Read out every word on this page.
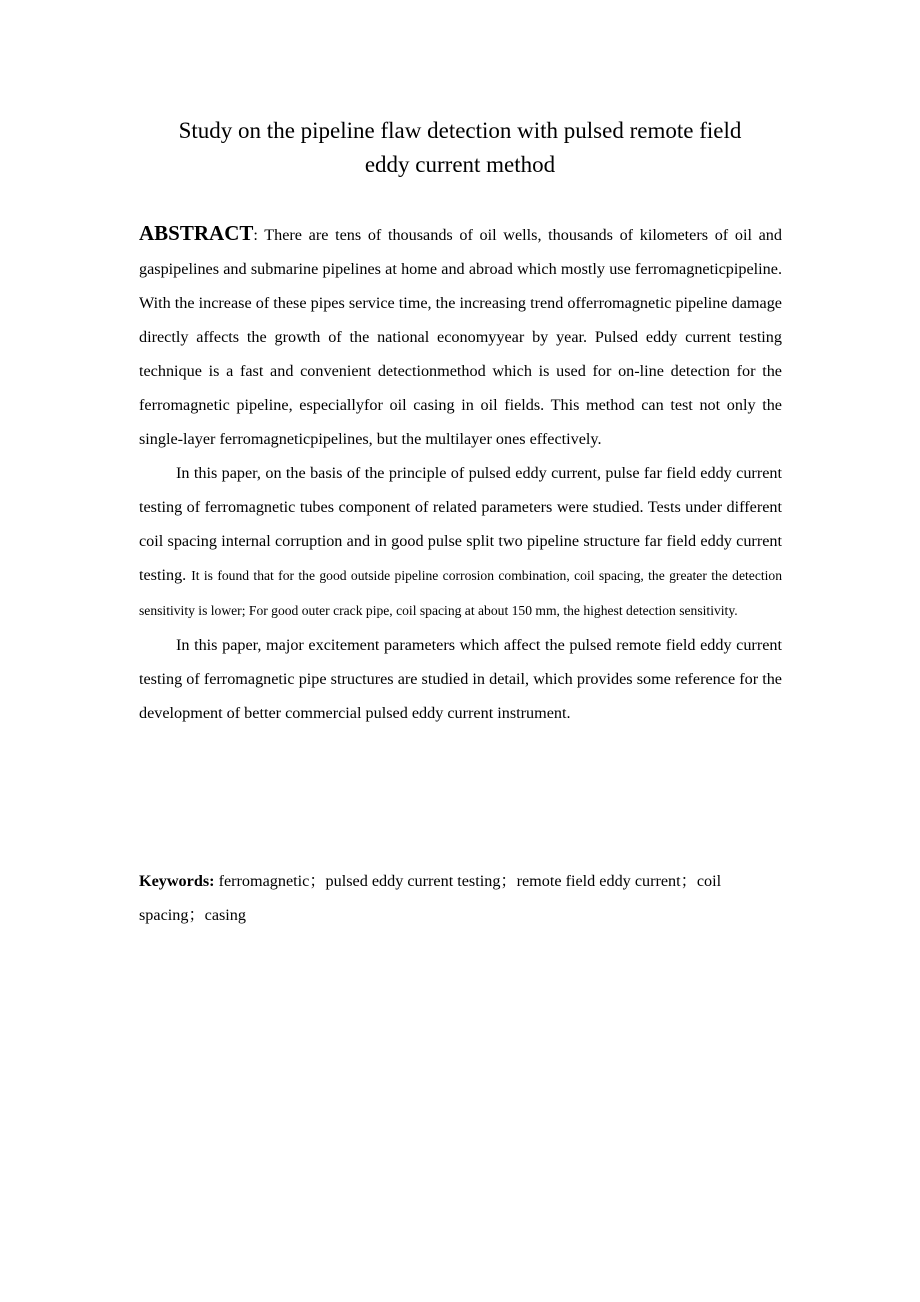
Study on the pipeline flaw detection with pulsed remote field
eddy current method

ABSTRACT: There are tens of thousands of oil wells, thousands of kilometers of oil and gaspipelines and submarine pipelines at home and abroad which mostly use ferromagneticpipeline. With the increase of these pipes service time, the increasing trend offerromagnetic pipeline damage directly affects the growth of the national economyyear by year. Pulsed eddy current testing technique is a fast and convenient detectionmethod which is used for on-line detection for the ferromagnetic pipeline, especiallyfor oil casing in oil fields. This method can test not only the single-layer ferromagneticpipelines, but the multilayer ones effectively.

In this paper, on the basis of the principle of pulsed eddy current, pulse far field eddy current testing of ferromagnetic tubes component of related parameters were studied. Tests under different coil spacing internal corruption and in good pulse split two pipeline structure far field eddy current testing. It is found that for the good outside pipeline corrosion combination, coil spacing, the greater the detection sensitivity is lower; For good outer crack pipe, coil spacing at about 150 mm, the highest detection sensitivity.

In this paper, major excitement parameters which affect the pulsed remote field eddy current testing of ferromagnetic pipe structures are studied in detail, which provides some reference for the development of better commercial pulsed eddy current instrument.

Keywords: ferromagnetic；pulsed eddy current testing；remote field eddy current；coil spacing；casing
